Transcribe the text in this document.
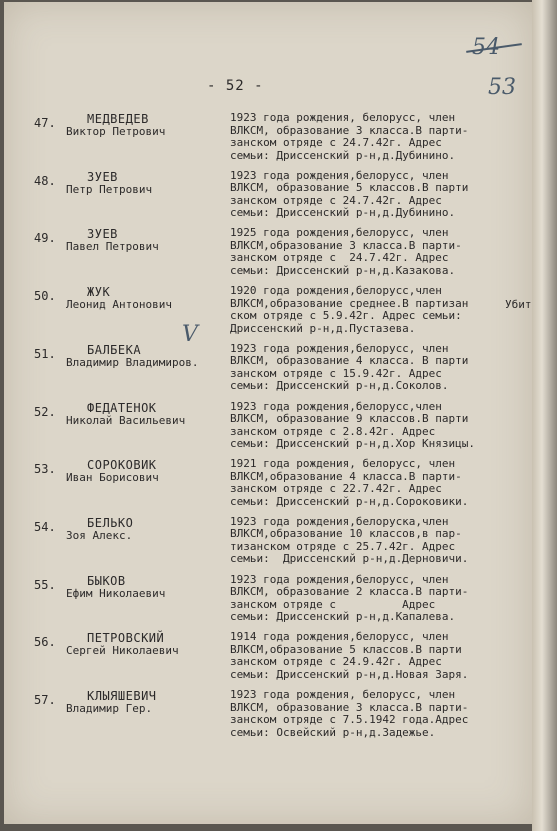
54
53
- 52 -
V
47.	МЕДВЕДЕВ
Виктор Петрович
1923 года рождения, белорусс, член
ВЛКСМ, образование 3 класса.В парти-
занском отряде с 24.7.42г. Адрес
семьи: Дриссенский р-н,д.Дубинино.
48.	ЗУЕВ
Петр Петрович
1923 года рождения,белорусс, член
ВЛКСМ, образование 5 классов.В парти
занском отряде с 24.7.42г. Адрес
семьи: Дриссенский р-н,д.Дубинино.
49.	ЗУЕВ
Павел Петрович
1925 года рождения,белорусс, член
ВЛКСМ,образование 3 класса.В парти-
занском отряде с  24.7.42г. Адрес
семьи: Дриссенский р-н,д.Казакова.
50.	ЖУК
Леонид Антонович
1920 года рождения,белорусс,член
ВЛКСМ,образование среднее.В партизан
ском отряде с 5.9.42г. Адрес семьи:
Дриссенский р-н,д.Пустазева.
Убит
51.	БАЛБЕКА
Владимир Владимиров.
1923 года рождения,белорусс, член
ВЛКСМ, образование 4 класса. В парти
занском отряде с 15.9.42г. Адрес
семьи: Дриссенский р-н,д.Соколов.
52.	ФЕДАТЕНОК
Николай Васильевич
1923 года рождения,белорусс,член
ВЛКСМ, образование 9 классов.В парти
занском отряде с 2.8.42г. Адрес
семьи: Дриссенский р-н,д.Хор Князицы.
53.	СОРОКОВИК
Иван Борисович
1921 года рождения, белорусс, член
ВЛКСМ,образование 4 класса.В парти-
занском отряде с 22.7.42г. Адрес
семьи: Дриссенский р-н,д.Сороковики.
54.	БЕЛЬКО
Зоя Алекс.
1923 года рождения,белоруска,член
ВЛКСМ,образование 10 классов,в пар-
тизанском отряде с 25.7.42г. Адрес
семьи:  Дриссенский р-н,д.Дерновичи.
55.	БЫКОВ
Ефим Николаевич
1923 года рождения,белорусс, член
ВЛКСМ, образование 2 класса.В парти-
занском отряде с          Адрес
семьи: Дриссенский р-н,д.Капалева.
56.	ПЕТРОВСКИЙ
Сергей Николаевич
1914 года рождения,белорусс, член
ВЛКСМ,образование 5 классов.В парти
занском отряде с 24.9.42г. Адрес
семьи: Дриссенский р-н,д.Новая Заря.
57.	КЛЫЯШЕВИЧ
Владимир Гер.
1923 года рождения, белорусс, член
ВЛКСМ, образование 3 класса.В парти-
занском отряде с 7.5.1942 года.Адрес
семьи: Освейский р-н,д.Задежье.
